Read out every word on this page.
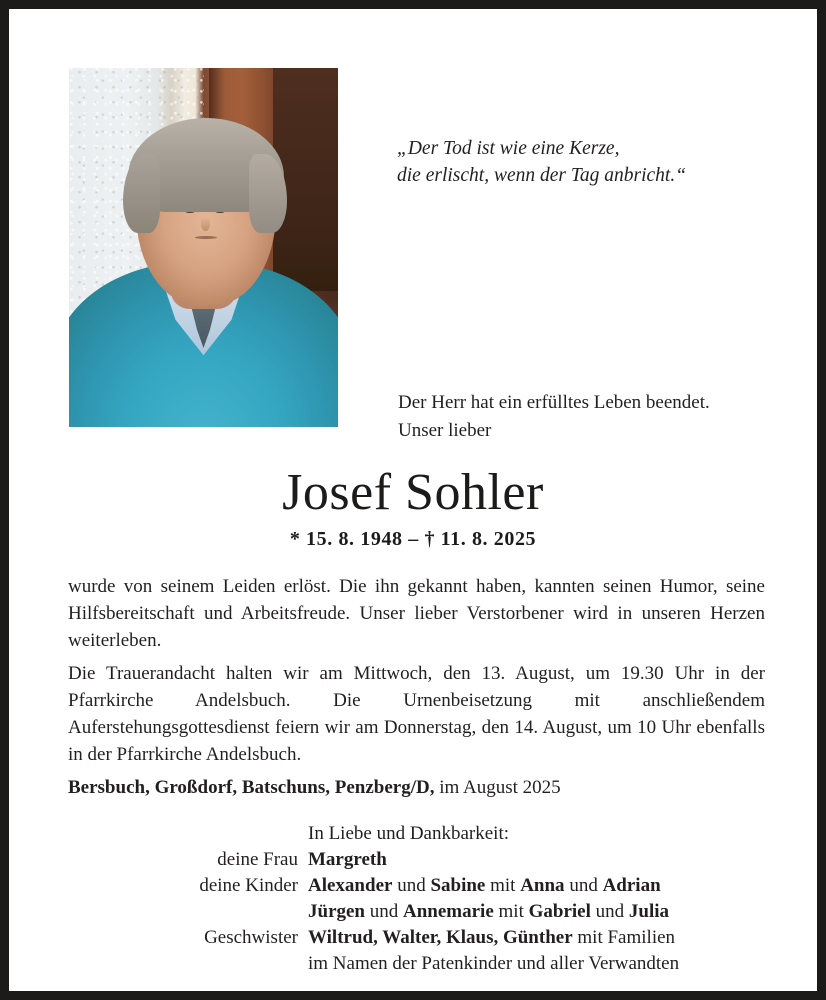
„Der Tod ist wie eine Kerze,
die erlischt, wenn der Tag anbricht.“
Der Herr hat ein erfülltes Leben beendet.
Unser lieber
Josef Sohler
* 15. 8. 1948 – † 11. 8. 2025
wurde von seinem Leiden erlöst. Die ihn gekannt haben, kannten seinen Humor, seine Hilfsbereitschaft und Arbeitsfreude. Unser lieber Verstorbener wird in unseren Herzen weiterleben.
Die Trauerandacht halten wir am Mittwoch, den 13. August, um 19.30 Uhr in der Pfarrkirche Andelsbuch. Die Urnenbeisetzung mit anschließendem Auferstehungsgottesdienst feiern wir am Donnerstag, den 14. August, um 10 Uhr ebenfalls in der Pfarrkirche Andelsbuch.
Bersbuch, Großdorf, Batschuns, Penzberg/D, im August 2025
In Liebe und Dankbarkeit:
deine Frau Margreth
deine Kinder Alexander und Sabine mit Anna und Adrian
Jürgen und Annemarie mit Gabriel und Julia
Geschwister Wiltrud, Walter, Klaus, Günther mit Familien
im Namen der Patenkinder und aller Verwandten
